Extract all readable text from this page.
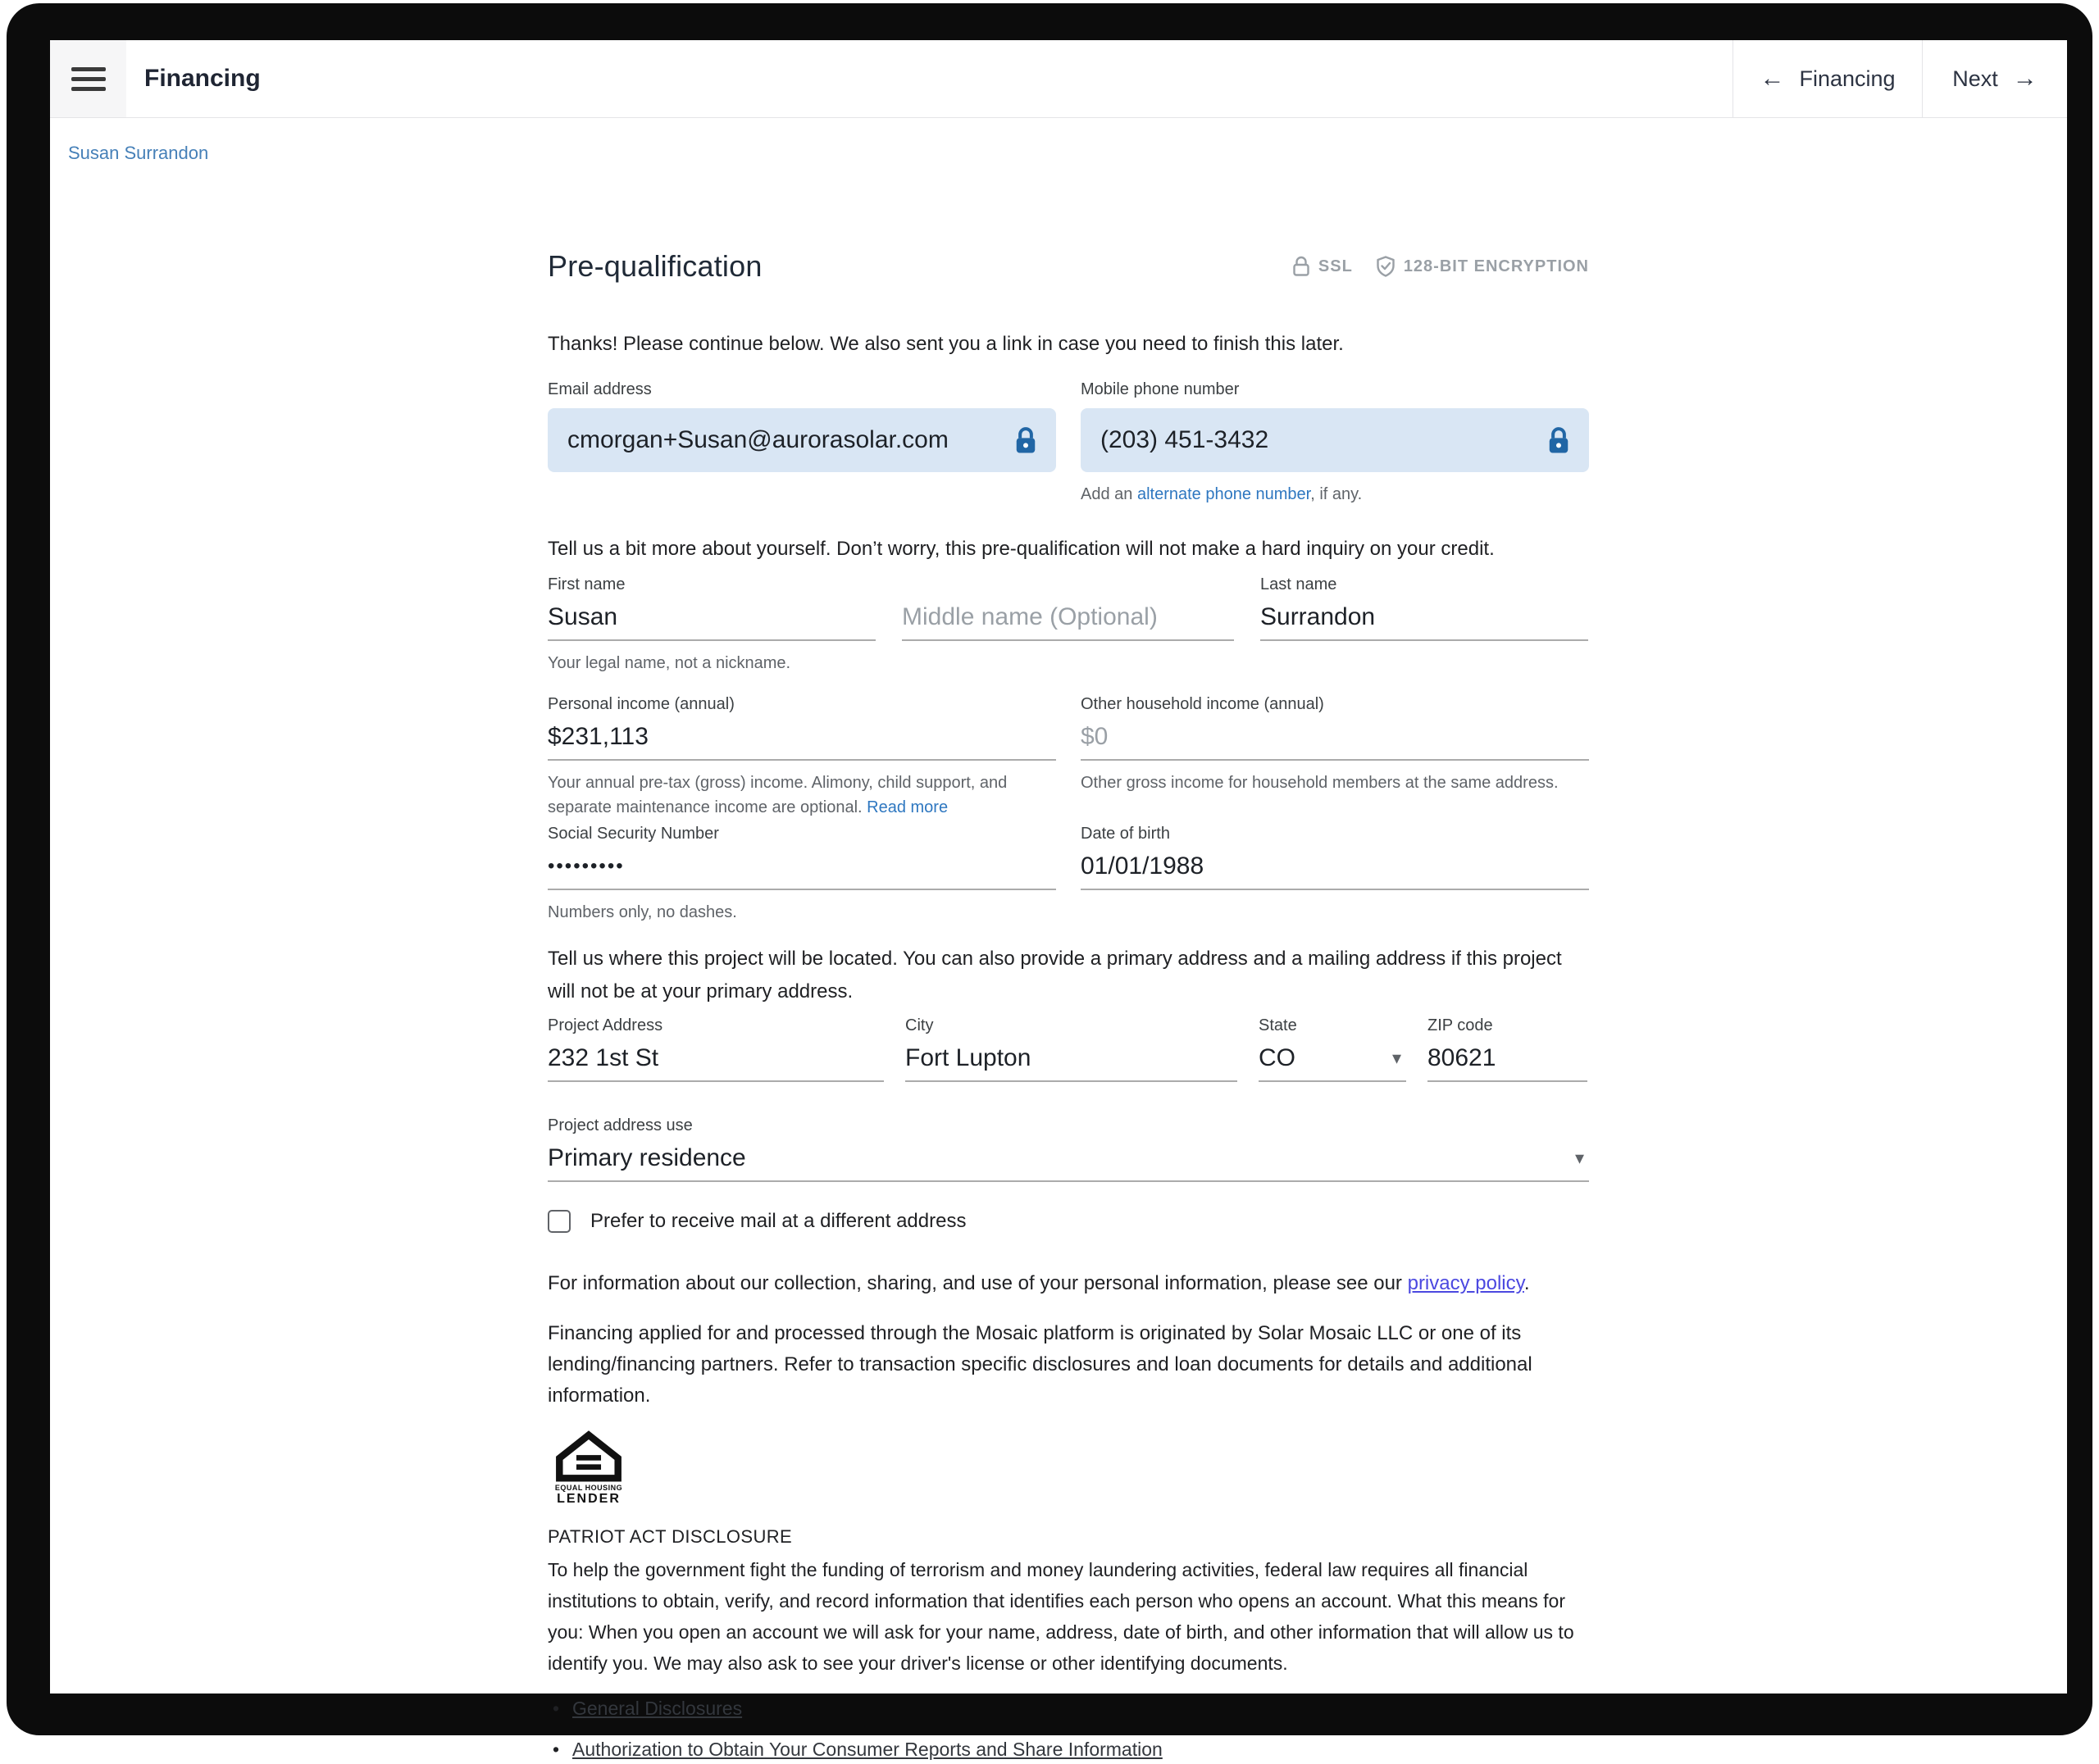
Financing	← Financing	Next →
Susan Surrandon
Pre-qualification	SSL	128-BIT ENCRYPTION

Thanks! Please continue below. We also sent you a link in case you need to finish this later.

Email address
cmorgan+Susan@aurorasolar.com
Mobile phone number
(203) 451-3432
Add an alternate phone number, if any.

Tell us a bit more about yourself. Don’t worry, this pre-qualification will not make a hard inquiry on your credit.

First name
Susan
Your legal name, not a nickname.
Middle name (Optional)
Last name
Surrandon
Personal income (annual)
$231,113
Your annual pre-tax (gross) income. Alimony, child support, and separate maintenance income are optional. Read more
Other household income (annual)
$0
Other gross income for household members at the same address.
Social Security Number
•••••••••
Numbers only, no dashes.
Date of birth
01/01/1988

Tell us where this project will be located. You can also provide a primary address and a mailing address if this project will not be at your primary address.

Project Address
232 1st St
City
Fort Lupton
State
CO	▾
ZIP code
80621
Project address use
Primary residence	▾
Prefer to receive mail at a different address

For information about our collection, sharing, and use of your personal information, please see our privacy policy.

Financing applied for and processed through the Mosaic platform is originated by Solar Mosaic LLC or one of its lending/financing partners. Refer to transaction specific disclosures and loan documents for details and additional information.

EQUAL HOUSING
LENDER
PATRIOT ACT DISCLOSURE

To help the government fight the funding of terrorism and money laundering activities, federal law requires all financial institutions to obtain, verify, and record information that identifies each person who opens an account. What this means for you: When you open an account we will ask for your name, address, date of birth, and other information that will allow us to identify you. We may also ask to see your driver's license or other identifying documents.

• General Disclosures
• Authorization to Obtain Your Consumer Reports and Share Information
